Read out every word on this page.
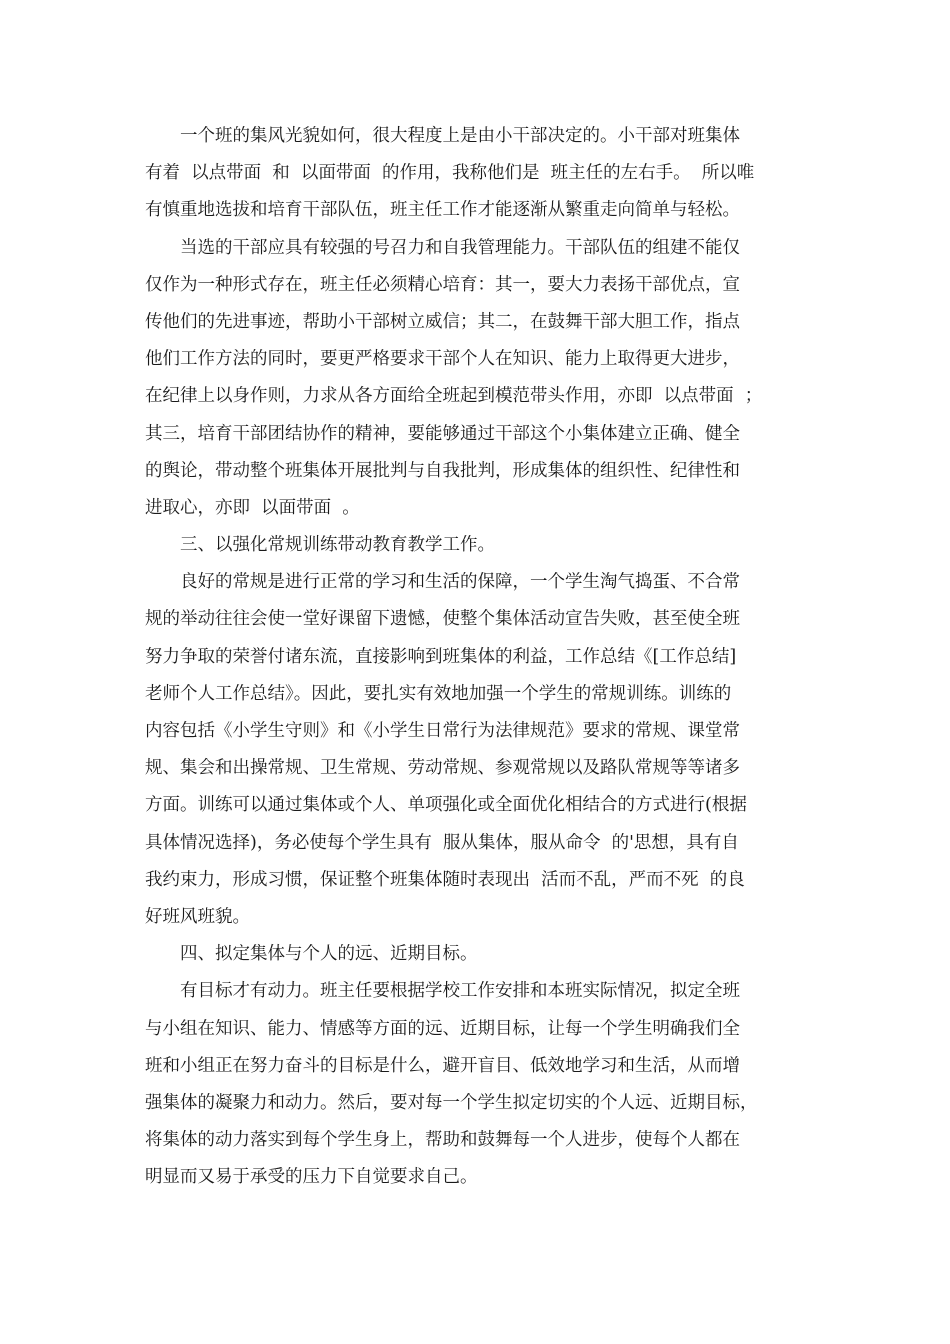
　　一个班的集风光貌如何，很大程度上是由小干部决定的。小干部对班集体
有着  以点带面  和  以面带面  的作用，我称他们是  班主任的左右手。  所以唯
有慎重地选拔和培育干部队伍，班主任工作才能逐渐从繁重走向简单与轻松。
　　当选的干部应具有较强的号召力和自我管理能力。干部队伍的组建不能仅
仅作为一种形式存在，班主任必须精心培育：其一，要大力表扬干部优点，宣
传他们的先进事迹，帮助小干部树立威信；其二，在鼓舞干部大胆工作，指点
他们工作方法的同时，要更严格要求干部个人在知识、能力上取得更大进步，
在纪律上以身作则，力求从各方面给全班起到模范带头作用，亦即  以点带面  ；
其三，培育干部团结协作的精神，要能够通过干部这个小集体建立正确、健全
的舆论，带动整个班集体开展批判与自我批判，形成集体的组织性、纪律性和
进取心，亦即  以面带面  。
　　三、以强化常规训练带动教育教学工作。
　　良好的常规是进行正常的学习和生活的保障，一个学生淘气捣蛋、不合常
规的举动往往会使一堂好课留下遗憾，使整个集体活动宣告失败，甚至使全班
努力争取的荣誉付诸东流，直接影响到班集体的利益，工作总结《[工作总结]
老师个人工作总结》。因此，要扎实有效地加强一个学生的常规训练。训练的
内容包括《小学生守则》和《小学生日常行为法律规范》要求的常规、课堂常
规、集会和出操常规、卫生常规、劳动常规、参观常规以及路队常规等等诸多
方面。训练可以通过集体或个人、单项强化或全面优化相结合的方式进行(根据
具体情况选择)，务必使每个学生具有  服从集体，服从命令  的'思想，具有自
我约束力，形成习惯，保证整个班集体随时表现出  活而不乱，严而不死  的良
好班风班貌。
　　四、拟定集体与个人的远、近期目标。
　　有目标才有动力。班主任要根据学校工作安排和本班实际情况，拟定全班
与小组在知识、能力、情感等方面的远、近期目标，让每一个学生明确我们全
班和小组正在努力奋斗的目标是什么，避开盲目、低效地学习和生活，从而增
强集体的凝聚力和动力。然后，要对每一个学生拟定切实的个人远、近期目标，
将集体的动力落实到每个学生身上，帮助和鼓舞每一个人进步，使每个人都在
明显而又易于承受的压力下自觉要求自己。
